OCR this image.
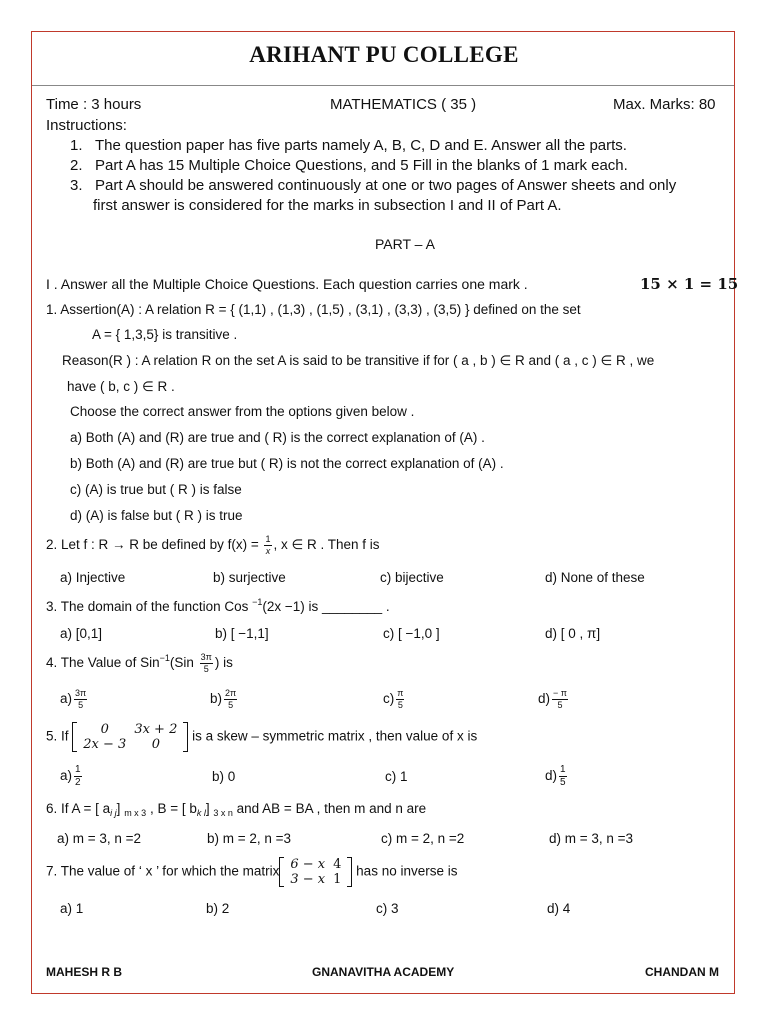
ARIHANT PU COLLEGE
Time : 3 hours	MATHEMATICS ( 35 )	Max. Marks: 80
Instructions:
1.   The question paper has five parts namely A, B, C, D and E. Answer all the parts.
2.   Part A has 15 Multiple Choice Questions, and 5 Fill in the blanks of 1 mark each.
3.   Part A should be answered continuously at one or two pages of Answer sheets and only
first answer is considered for the marks in subsection I and II of Part A.
PART – A
I . Answer all the Multiple Choice Questions. Each question carries one mark .	15 × 1 = 15
1. Assertion(A) : A relation R = { (1,1) , (1,3) , (1,5) , (3,1) , (3,3) , (3,5) } defined on the set
A = { 1,3,5} is transitive .
Reason(R ) : A relation R on the set A is said to be transitive if for ( a , b ) ∈ R and ( a , c ) ∈ R , we
have ( b, c ) ∈ R .
Choose the correct answer from the options given below .
a) Both (A) and (R) are true and ( R) is the correct explanation of (A) .
b) Both (A) and (R) are true but ( R) is not the correct explanation of (A) .
c) (A) is true but ( R ) is false
d) (A) is false but ( R ) is true
2. Let f : R → R be defined by $f(x) = \frac{1}{x}$ , x ∈ R . Then f is
a) Injective	b) surjective	c) bijective	d) None of these
3. The domain of the function Cos $^{-1}$(2x −1) is ________ .
a) [0,1]	b) [ −1,1]	c) [ −1,0 ]	d) [ 0 , π]
4. The Value of $Sin^{-1}(Sin \frac{3\pi}{5}$ ) is
$a) \frac{3\pi}{5}$	$b) \frac{2\pi}{5}$	$c) \frac{\pi}{5}$	$d) \frac{- \pi}{5}$
5. If 0	3x + 2
2x − 3	0
is a skew – symmetric matrix , then value of x is
$a) \frac{1}{2}$	b) 0	c) 1	$d) \frac{1}{5}$
6. If A = [ $a_{i j}$] $_{m x 3}$ , B = [ $b_{k l}$] $_{3 x n}$ and AB = BA , then m and n are
a) m = 3, n =2	b) m = 2, n =3	c) m = 2, n =2	d) m = 3, n =3
7. The value of ‘ x ’ for which the matrix 6 − x	4
3 − x	1
has no inverse is
a) 1	b) 2	c) 3	d) 4
MAHESH R B	GNANAVITHA ACADEMY	CHANDAN M
